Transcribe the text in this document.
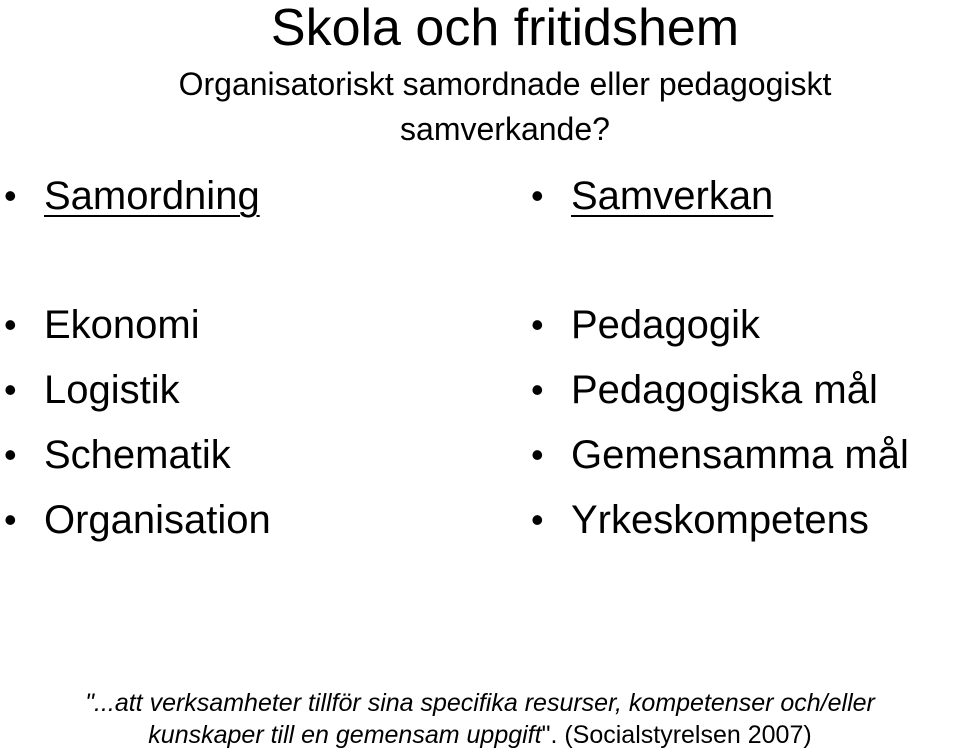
Skola och fritidshem
Organisatoriskt samordnade eller pedagogiskt
samverkande?
• Samordning
• Ekonomi
• Logistik
• Schematik
• Organisation
• Samverkan
• Pedagogik
• Pedagogiska mål
• Gemensamma mål
• Yrkeskompetens
"...att verksamheter tillför sina specifika resurser, kompetenser och/eller
kunskaper till en gemensam uppgift". (Socialstyrelsen 2007)
